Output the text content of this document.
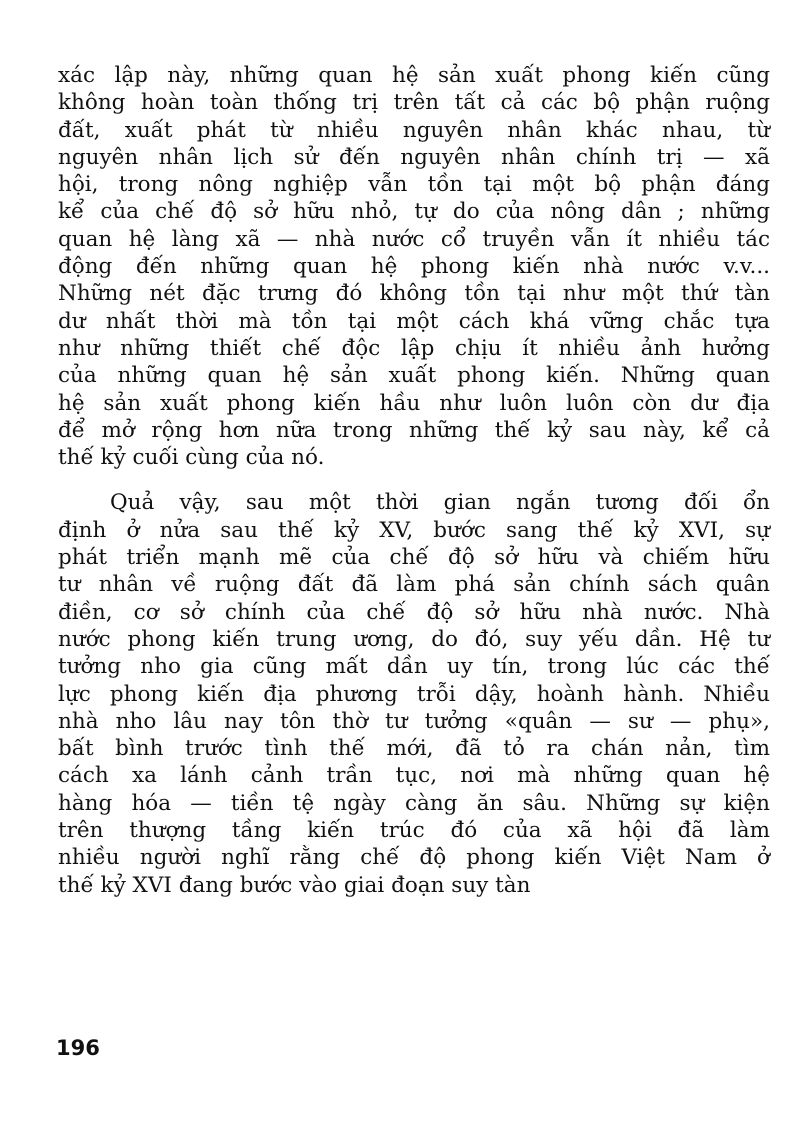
xác lập này, những quan hệ sản xuất phong kiến cũng
không hoàn toàn thống trị trên tất cả các bộ phận ruộng
đất, xuất phát từ nhiều nguyên nhân khác nhau, từ
nguyên nhân lịch sử đến nguyên nhân chính trị — xã
hội, trong nông nghiệp vẫn tồn tại một bộ phận đáng
kể của chế độ sở hữu nhỏ, tự do của nông dân ; những
quan hệ làng xã — nhà nước cổ truyền vẫn ít nhiều tác
động đến những quan hệ phong kiến nhà nước v.v...
Những nét đặc trưng đó không tồn tại như một thứ tàn
dư nhất thời mà tồn tại một cách khá vững chắc tựa
như những thiết chế độc lập chịu ít nhiều ảnh hưởng
của những quan hệ sản xuất phong kiến. Những quan
hệ sản xuất phong kiến hầu như luôn luôn còn dư địa
để mở rộng hơn nữa trong những thế kỷ sau này, kể cả
thế kỷ cuối cùng của nó.
Quả vậy, sau một thời gian ngắn tương đối ổn
định ở nửa sau thế kỷ XV, bước sang thế kỷ XVI, sự
phát triển mạnh mẽ của chế độ sở hữu và chiếm hữu
tư nhân về ruộng đất đã làm phá sản chính sách quân
điền, cơ sở chính của chế độ sở hữu nhà nước. Nhà
nước phong kiến trung ương, do đó, suy yếu dần. Hệ tư
tưởng nho gia cũng mất dần uy tín, trong lúc các thế
lực phong kiến địa phương trỗi dậy, hoành hành. Nhiều
nhà nho lâu nay tôn thờ tư tưởng «quân — sư — phụ»,
bất bình trước tình thế mới, đã tỏ ra chán nản, tìm
cách xa lánh cảnh trần tục, nơi mà những quan hệ
hàng hóa — tiền tệ ngày càng ăn sâu. Những sự kiện
trên thượng tầng kiến trúc đó của xã hội đã làm
nhiều người nghĩ rằng chế độ phong kiến Việt Nam ở
thế kỷ XVI đang bước vào giai đoạn suy tàn
196
